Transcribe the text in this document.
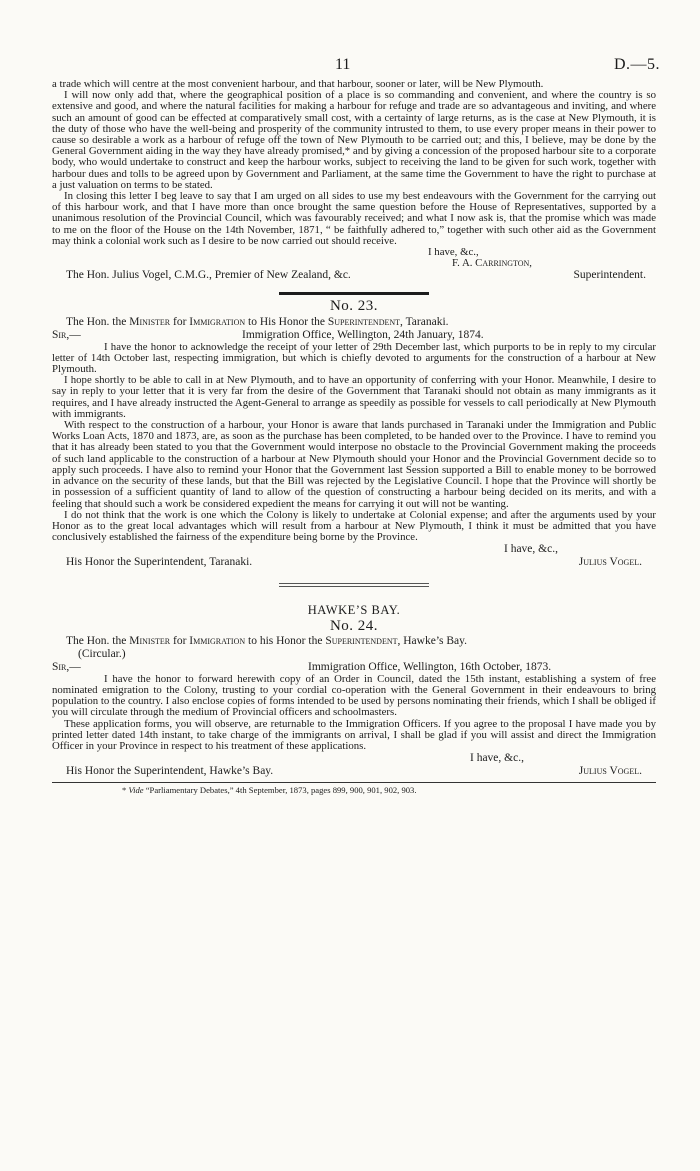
11	D.—5.

a trade which will centre at the most convenient harbour, and that harbour, sooner or later, will be New Plymouth.

I will now only add that, where the geographical position of a place is so commanding and convenient, and where the country is so extensive and good, and where the natural facilities for making a harbour for refuge and trade are so advantageous and inviting, and where such an amount of good can be effected at comparatively small cost, with a certainty of large returns, as is the case at New Plymouth, it is the duty of those who have the well-being and prosperity of the community intrusted to them, to use every proper means in their power to cause so desirable a work as a harbour of refuge off the town of New Plymouth to be carried out; and this, I believe, may be done by the General Government aiding in the way they have already promised,* and by giving a concession of the proposed harbour site to a corporate body, who would undertake to construct and keep the harbour works, subject to receiving the land to be given for such work, together with harbour dues and tolls to be agreed upon by Government and Parliament, at the same time the Government to have the right to purchase at a just valuation on terms to be stated.

In closing this letter I beg leave to say that I am urged on all sides to use my best endeavours with the Government for the carrying out of this harbour work, and that I have more than once brought the same question before the House of Representatives, supported by a unanimous resolution of the Provincial Council, which was favourably received; and what I now ask is, that the promise which was made to me on the floor of the House on the 14th November, 1871, “ be faithfully adhered to,” together with such other aid as the Government may think a colonial work such as I desire to be now carried out should receive.

I have, &c.,

F. A. Carrington,

The Hon. Julius Vogel, C.M.G., Premier of New Zealand, &c.	Superintendent.
No. 23.

The Hon. the Minister for Immigration to His Honor the Superintendent, Taranaki.

Sir,—	Immigration Office, Wellington, 24th January, 1874.

I have the honor to acknowledge the receipt of your letter of 29th December last, which purports to be in reply to my circular letter of 14th October last, respecting immigration, but which is chiefly devoted to arguments for the construction of a harbour at New Plymouth.

I hope shortly to be able to call in at New Plymouth, and to have an opportunity of conferring with your Honor. Meanwhile, I desire to say in reply to your letter that it is very far from the desire of the Government that Taranaki should not obtain as many immigrants as it requires, and I have already instructed the Agent-General to arrange as speedily as possible for vessels to call periodically at New Plymouth with immigrants.

With respect to the construction of a harbour, your Honor is aware that lands purchased in Taranaki under the Immigration and Public Works Loan Acts, 1870 and 1873, are, as soon as the purchase has been completed, to be handed over to the Province. I have to remind you that it has already been stated to you that the Government would interpose no obstacle to the Provincial Government making the proceeds of such land applicable to the construction of a harbour at New Plymouth should your Honor and the Provincial Government decide so to apply such proceeds. I have also to remind your Honor that the Government last Session supported a Bill to enable money to be borrowed in advance on the security of these lands, but that the Bill was rejected by the Legislative Council. I hope that the Province will shortly be in possession of a sufficient quantity of land to allow of the question of constructing a harbour being decided on its merits, and with a feeling that should such a work be considered expedient the means for carrying it out will not be wanting.

I do not think that the work is one which the Colony is likely to undertake at Colonial expense; and after the arguments used by your Honor as to the great local advantages which will result from a harbour at New Plymouth, I think it must be admitted that you have conclusively established the fairness of the expenditure being borne by the Province.

I have, &c.,

His Honor the Superintendent, Taranaki.	Julius Vogel.
HAWKE’S BAY.
No. 24.

The Hon. the Minister for Immigration to his Honor the Superintendent, Hawke’s Bay.

(Circular.)

Sir,—	Immigration Office, Wellington, 16th October, 1873.

I have the honor to forward herewith copy of an Order in Council, dated the 15th instant, establishing a system of free nominated emigration to the Colony, trusting to your cordial co-operation with the General Government in their endeavours to bring population to the country. I also enclose copies of forms intended to be used by persons nominating their friends, which I shall be obliged if you will circulate through the medium of Provincial officers and schoolmasters.

These application forms, you will observe, are returnable to the Immigration Officers. If you agree to the proposal I have made you by printed letter dated 14th instant, to take charge of the immigrants on arrival, I shall be glad if you will assist and direct the Immigration Officer in your Province in respect to his treatment of these applications.

I have, &c.,

His Honor the Superintendent, Hawke’s Bay.	Julius Vogel.

* Vide “Parliamentary Debates,” 4th September, 1873, pages 899, 900, 901, 902, 903.
